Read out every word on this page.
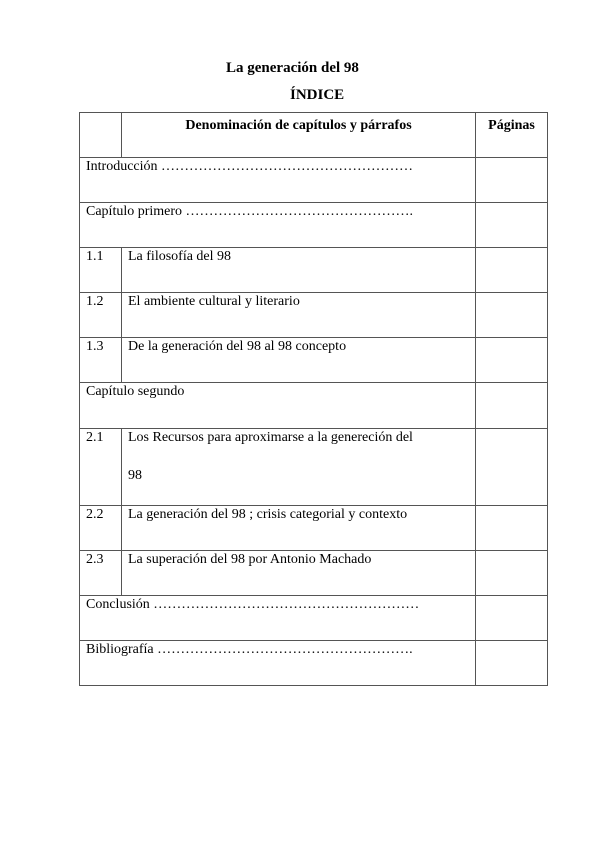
La generación del 98
ÍNDICE
	Denominación de capítulos y párrafos	Páginas
Introducción ………………………………………………		
Capítulo primero ………………………………………….		
1.1	La filosofía del 98	
1.2	El ambiente cultural y literario	
1.3	De la generación del 98 al 98 concepto	
Capítulo segundo		
2.1	Los Recursos para aproximarse a la genereción del
98	

2.2	La generación del 98 ; crisis categorial y contexto	
2.3	La superación del 98 por Antonio Machado	
Conclusión …………………………………………………		
Bibliografía ……………………………………………….		
